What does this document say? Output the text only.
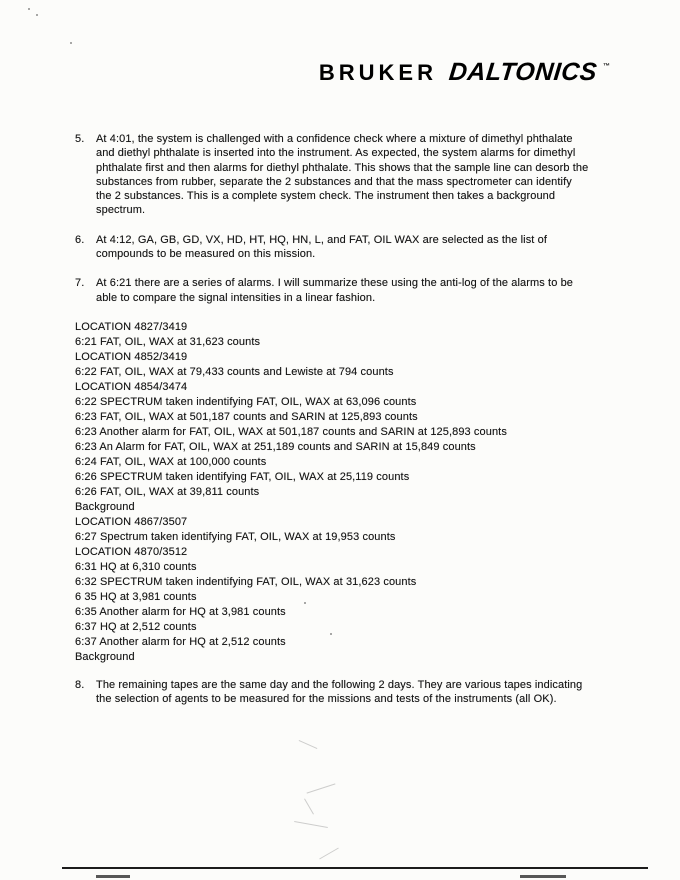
BRUKER DALTONICS ™
5.	At 4:01, the system is challenged with a confidence check where a mixture of dimethyl phthalate and diethyl phthalate is inserted into the instrument. As expected, the system alarms for dimethyl phthalate first and then alarms for diethyl phthalate. This shows that the sample line can desorb the substances from rubber, separate the 2 substances and that the mass spectrometer can identify the 2 substances. This is a complete system check. The instrument then takes a background spectrum.
6.	At 4:12, GA, GB, GD, VX, HD, HT, HQ, HN, L, and FAT, OIL WAX are selected as the list of compounds to be measured on this mission.
7.	At 6:21 there are a series of alarms. I will summarize these using the anti-log of the alarms to be able to compare the signal intensities in a linear fashion.
LOCATION 4827/3419
6:21 FAT, OIL, WAX at 31,623 counts
LOCATION 4852/3419
6:22 FAT, OIL, WAX at 79,433 counts and Lewiste at 794 counts
LOCATION 4854/3474
6:22 SPECTRUM taken indentifying FAT, OIL, WAX at 63,096 counts
6:23 FAT, OIL, WAX at 501,187 counts and SARIN at 125,893 counts
6:23 Another alarm for FAT, OIL, WAX at 501,187 counts and SARIN at 125,893 counts
6:23 An Alarm for FAT, OIL, WAX at 251,189 counts and SARIN at 15,849 counts
6:24 FAT, OIL, WAX at 100,000 counts
6:26 SPECTRUM taken identifying FAT, OIL, WAX at 25,119 counts
6:26 FAT, OIL, WAX at 39,811 counts
Background
LOCATION 4867/3507
6:27 Spectrum taken identifying FAT, OIL, WAX at 19,953 counts
LOCATION 4870/3512
6:31 HQ at 6,310 counts
6:32 SPECTRUM taken indentifying FAT, OIL, WAX at 31,623 counts
6 35 HQ at 3,981 counts
6:35 Another alarm for HQ at 3,981 counts
6:37 HQ at 2,512 counts
6:37 Another alarm for HQ at 2,512 counts
Background
8.	The remaining tapes are the same day and the following 2 days. They are various tapes indicating the selection of agents to be measured for the missions and tests of the instruments (all OK).
